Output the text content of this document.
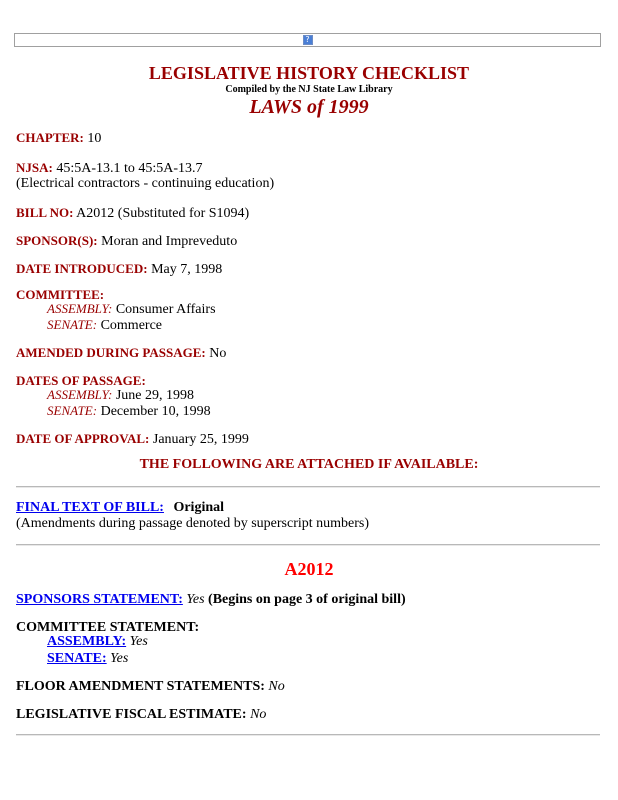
?
LEGISLATIVE HISTORY CHECKLIST
Compiled by the NJ State Law Library
LAWS of 1999
CHAPTER: 10
NJSA: 45:5A-13.1 to 45:5A-13.7
(Electrical contractors - continuing education)
BILL NO: A2012 (Substituted for S1094)
SPONSOR(S): Moran and Impreveduto
DATE INTRODUCED: May 7, 1998
COMMITTEE:
ASSEMBLY: Consumer Affairs
SENATE: Commerce
AMENDED DURING PASSAGE: No
DATES OF PASSAGE:
ASSEMBLY: June 29, 1998
SENATE: December 10, 1998
DATE OF APPROVAL: January 25, 1999
THE FOLLOWING ARE ATTACHED IF AVAILABLE:
FINAL TEXT OF BILL: Original
(Amendments during passage denoted by superscript numbers)
A2012
SPONSORS STATEMENT: Yes (Begins on page 3 of original bill)
COMMITTEE STATEMENT:
ASSEMBLY: Yes
SENATE: Yes
FLOOR AMENDMENT STATEMENTS: No
LEGISLATIVE FISCAL ESTIMATE: No
